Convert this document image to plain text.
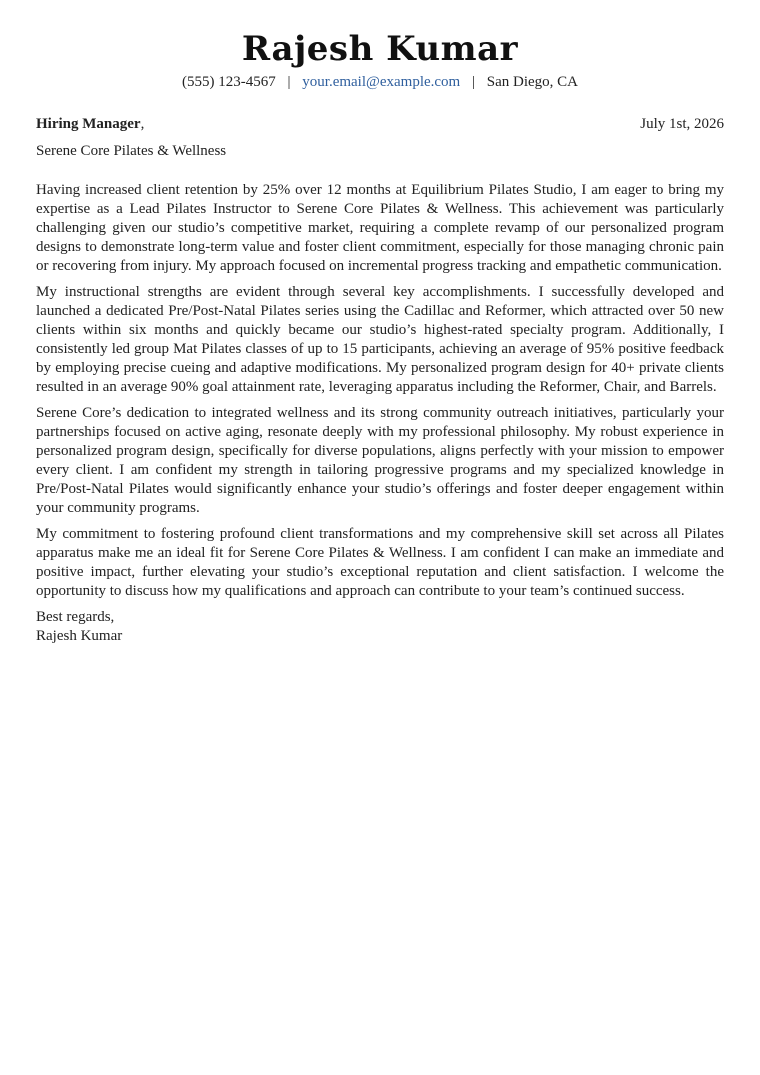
Rajesh Kumar
(555) 123-4567 | your.email@example.com | San Diego, CA
Hiring Manager,	July 1st, 2026
Serene Core Pilates & Wellness

Having increased client retention by 25% over 12 months at Equilibrium Pilates Studio, I am eager to bring my expertise as a Lead Pilates Instructor to Serene Core Pilates & Wellness. This achievement was particularly challenging given our studio’s competitive market, requiring a complete revamp of our personalized program designs to demonstrate long-term value and foster client commitment, especially for those managing chronic pain or recovering from injury. My approach focused on incremental progress tracking and empathetic communication.

My instructional strengths are evident through several key accomplishments. I successfully developed and launched a dedicated Pre/Post-Natal Pilates series using the Cadillac and Reformer, which attracted over 50 new clients within six months and quickly became our studio’s highest-rated specialty program. Additionally, I consistently led group Mat Pilates classes of up to 15 participants, achieving an average of 95% positive feedback by employing precise cueing and adaptive modifications. My personalized program design for 40+ private clients resulted in an average 90% goal attainment rate, leveraging apparatus including the Reformer, Chair, and Barrels.

Serene Core’s dedication to integrated wellness and its strong community outreach initiatives, particularly your partnerships focused on active aging, resonate deeply with my professional philosophy. My robust experience in personalized program design, specifically for diverse populations, aligns perfectly with your mission to empower every client. I am confident my strength in tailoring progressive programs and my specialized knowledge in Pre/Post-Natal Pilates would significantly enhance your studio’s offerings and foster deeper engagement within your community programs.

My commitment to fostering profound client transformations and my comprehensive skill set across all Pilates apparatus make me an ideal fit for Serene Core Pilates & Wellness. I am confident I can make an immediate and positive impact, further elevating your studio’s exceptional reputation and client satisfaction. I welcome the opportunity to discuss how my qualifications and approach can contribute to your team’s continued success.

Best regards,
Rajesh Kumar
